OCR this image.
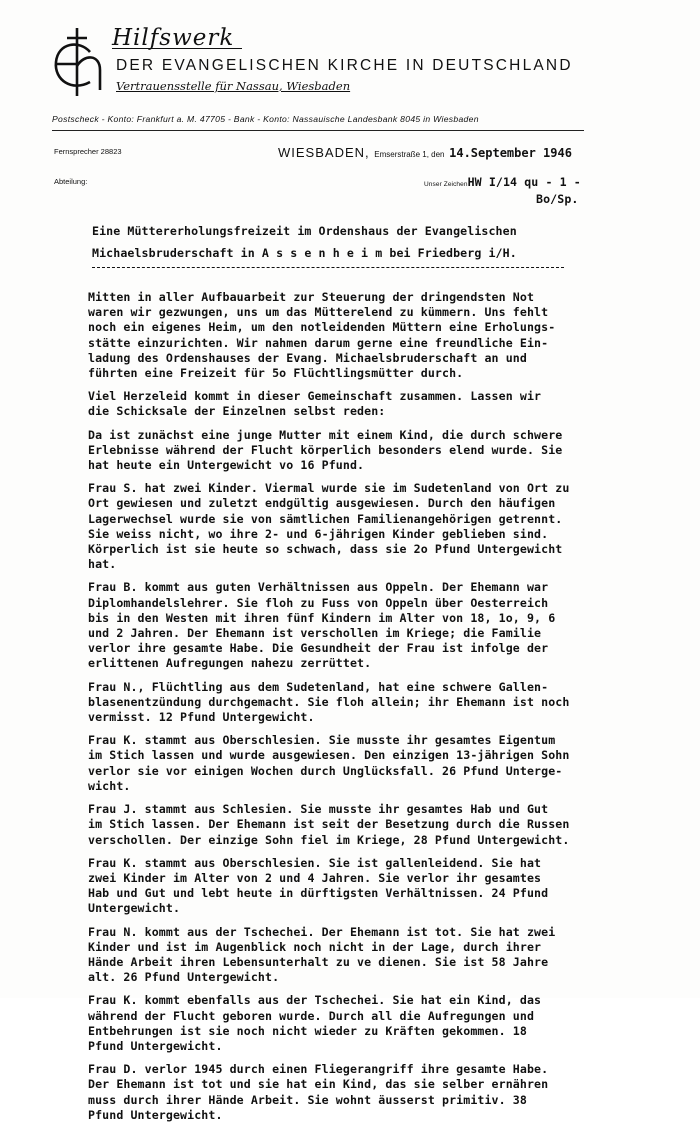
Hilfswerk
DER EVANGELISCHEN KIRCHE IN DEUTSCHLAND
Vertrauensstelle für Nassau, Wiesbaden
Postscheck - Konto: Frankfurt a. M. 47705 - Bank - Konto: Nassauische Landesbank 8045 in Wiesbaden
Fernsprecher 28823
Abteilung:
WIESBADEN, Emserstraße 1, den 14.September 1946
Unser ZeichenHW I/14 qu - 1 -
Bo/Sp.
Eine Müttererholungsfreizeit im Ordenshaus der Evangelischen
Michaelsbruderschaft in A s s e n h e i m bei Friedberg i/H.
Mitten in aller Aufbauarbeit zur Steuerung der dringendsten Not
waren wir gezwungen, uns um das Mütterelend zu kümmern. Uns fehlt
noch ein eigenes Heim, um den notleidenden Müttern eine Erholungs-
stätte einzurichten. Wir nahmen darum gerne eine freundliche Ein-
ladung des Ordenshauses der Evang. Michaelsbruderschaft an und
führten eine Freizeit für 5o Flüchtlingsmütter durch.
Viel Herzeleid kommt in dieser Gemeinschaft zusammen. Lassen wir
die Schicksale der Einzelnen selbst reden:
Da ist zunächst eine junge Mutter mit einem Kind, die durch schwere
Erlebnisse während der Flucht körperlich besonders elend wurde. Sie
hat heute ein Untergewicht vo 16 Pfund.
Frau S. hat zwei Kinder. Viermal wurde sie im Sudetenland von Ort zu
Ort gewiesen und zuletzt endgültig ausgewiesen. Durch den häufigen
Lagerwechsel wurde sie von sämtlichen Familienangehörigen getrennt.
Sie weiss nicht, wo ihre 2- und 6-jährigen Kinder geblieben sind.
Körperlich ist sie heute so schwach, dass sie 2o Pfund Untergewicht
hat.
Frau B. kommt aus guten Verhältnissen aus Oppeln. Der Ehemann war
Diplomhandelslehrer. Sie floh zu Fuss von Oppeln über Oesterreich
bis in den Westen mit ihren fünf Kindern im Alter von 18, 1o, 9, 6
und 2 Jahren. Der Ehemann ist verschollen im Kriege; die Familie
verlor ihre gesamte Habe. Die Gesundheit der Frau ist infolge der
erlittenen Aufregungen nahezu zerrüttet.
Frau N., Flüchtling aus dem Sudetenland, hat eine schwere Gallen-
blasenentzündung durchgemacht. Sie floh allein; ihr Ehemann ist noch
vermisst. 12 Pfund Untergewicht.
Frau K. stammt aus Oberschlesien. Sie musste ihr gesamtes Eigentum
im Stich lassen und wurde ausgewiesen. Den einzigen 13-jährigen Sohn
verlor sie vor einigen Wochen durch Unglücksfall. 26 Pfund Unterge-
wicht.
Frau J. stammt aus Schlesien. Sie musste ihr gesamtes Hab und Gut
im Stich lassen. Der Ehemann ist seit der Besetzung durch die Russen
verschollen. Der einzige Sohn fiel im Kriege, 28 Pfund Untergewicht.
Frau K. stammt aus Oberschlesien. Sie ist gallenleidend. Sie hat
zwei Kinder im Alter von 2 und 4 Jahren. Sie verlor ihr gesamtes
Hab und Gut und lebt heute in dürftigsten Verhältnissen. 24 Pfund
Untergewicht.
Frau N. kommt aus der Tschechei. Der Ehemann ist tot. Sie hat zwei
Kinder und ist im Augenblick noch nicht in der Lage, durch ihrer
Hände Arbeit ihren Lebensunterhalt zu ve dienen. Sie ist 58 Jahre
alt. 26 Pfund Untergewicht.
Frau K. kommt ebenfalls aus der Tschechei. Sie hat ein Kind, das
während der Flucht geboren wurde. Durch all die Aufregungen und
Entbehrungen ist sie noch nicht wieder zu Kräften gekommen. 18
Pfund Untergewicht.
Frau D. verlor 1945 durch einen Fliegerangriff ihre gesamte Habe.
Der Ehemann ist tot und sie hat ein Kind, das sie selber ernähren
muss durch ihrer Hände Arbeit. Sie wohnt äusserst primitiv. 38
Pfund Untergewicht.
